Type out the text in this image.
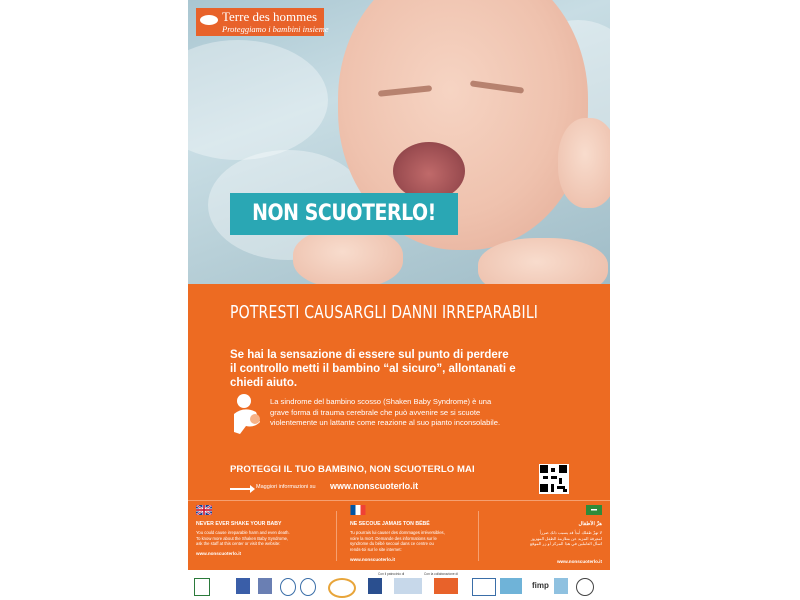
Terre des hommes
Proteggiamo i bambini insieme
NON SCUOTERLO!
POTRESTI CAUSARGLI DANNI IRREPARABILI
Se hai la sensazione di essere sul punto di perdere
il controllo metti il bambino “al sicuro”, allontanati e
chiedi aiuto.
La sindrome del bambino scosso (Shaken Baby Syndrome) è una
grave forma di trauma cerebrale che può avvenire se si scuote
violentemente un lattante come reazione al suo pianto inconsolabile.
PROTEGGI IL TUO BAMBINO, NON SCUOTERLO MAI
Maggiori informazioni su www.nonscuoterlo.it
NEVER EVER SHAKE YOUR BABY
You could cause irreparable harm and even death.
To know more about the Shaken Baby Syndrome,
ask the staff at this center or visit the website:
www.nonscuoterlo.it
NE SECOUE JAMAIS TON BÉBÉ
Tu pourrais lui causer des dommages irréversibles,
voire la mort. Demande des informations sur le
syndrome du bébé secoué dans ce centre ou
rends-toi sur le site internet:
www.nonscuoterlo.it
هزّ الأطفال
لا تهزّ طفلك أبداً قد يسبب ذلك ضرراً
لمعرفة المزيد عن متلازمة الطفل المهزوز
اسأل العاملين في هذا المركز أو زر الموقع
www.nonscuoterlo.it
Con il patrocinio di	Con la collaborazione di
fimp
